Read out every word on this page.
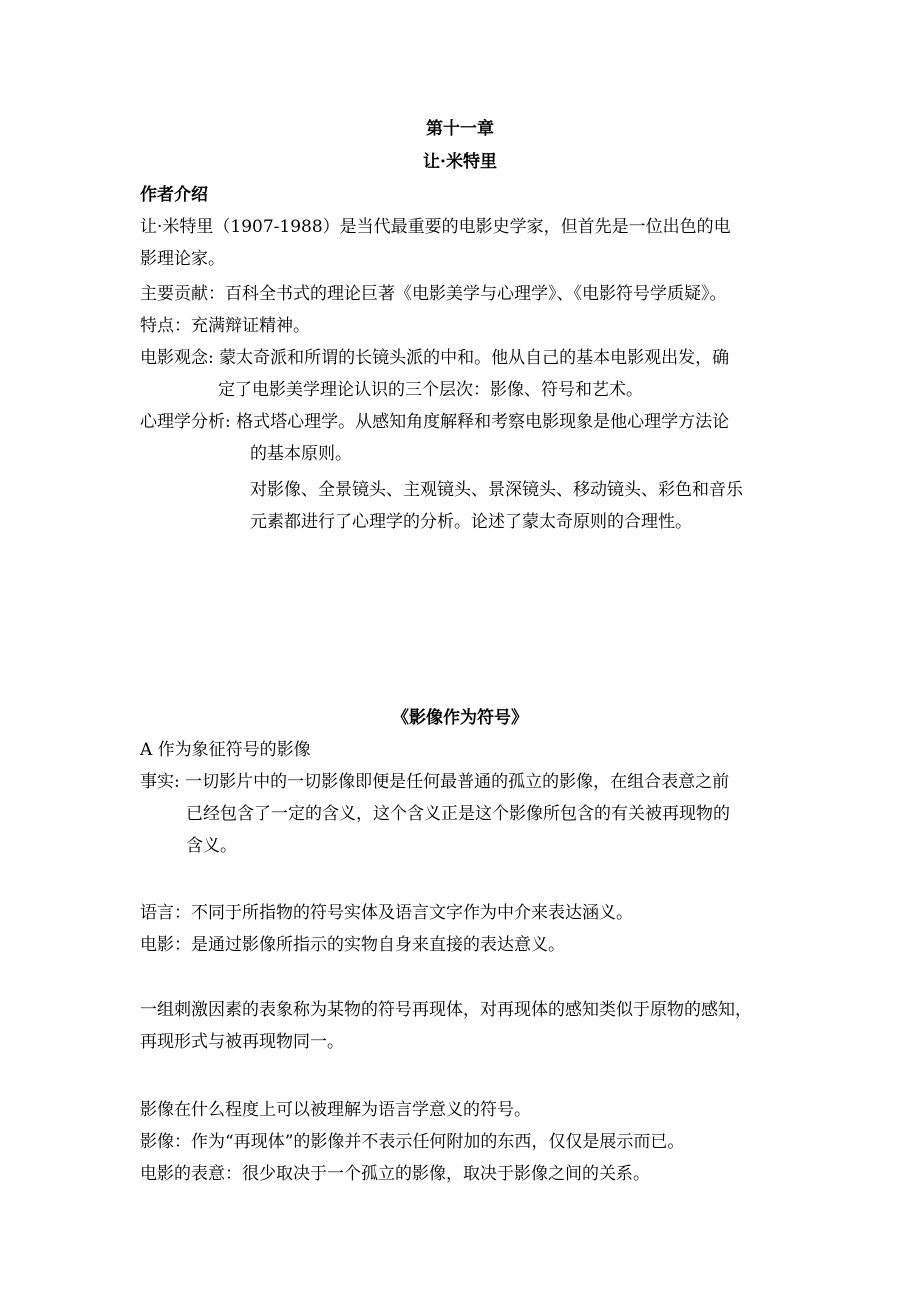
第十一章
让·米特里
作者介绍
让·米特里（1907-1988）是当代最重要的电影史学家，但首先是一位出色的电
影理论家。
主要贡献：百科全书式的理论巨著《电影美学与心理学》、《电影符号学质疑》。
特点：充满辩证精神。
电影观念: 蒙太奇派和所谓的长镜头派的中和。他从自己的基本电影观出发，确
定了电影美学理论认识的三个层次：影像、符号和艺术。
心理学分析: 格式塔心理学。从感知角度解释和考察电影现象是他心理学方法论
的基本原则。
对影像、全景镜头、主观镜头、景深镜头、移动镜头、彩色和音乐
元素都进行了心理学的分析。论述了蒙太奇原则的合理性。
《影像作为符号》
A 作为象征符号的影像
事实: 一切影片中的一切影像即便是任何最普通的孤立的影像，在组合表意之前
已经包含了一定的含义，这个含义正是这个影像所包含的有关被再现物的
含义。
语言：不同于所指物的符号实体及语言文字作为中介来表达涵义。
电影：是通过影像所指示的实物自身来直接的表达意义。
一组刺激因素的表象称为某物的符号再现体，对再现体的感知类似于原物的感知，
再现形式与被再现物同一。
影像在什么程度上可以被理解为语言学意义的符号。
影像：作为“再现体”的影像并不表示任何附加的东西，仅仅是展示而已。
电影的表意：很少取决于一个孤立的影像，取决于影像之间的关系。
